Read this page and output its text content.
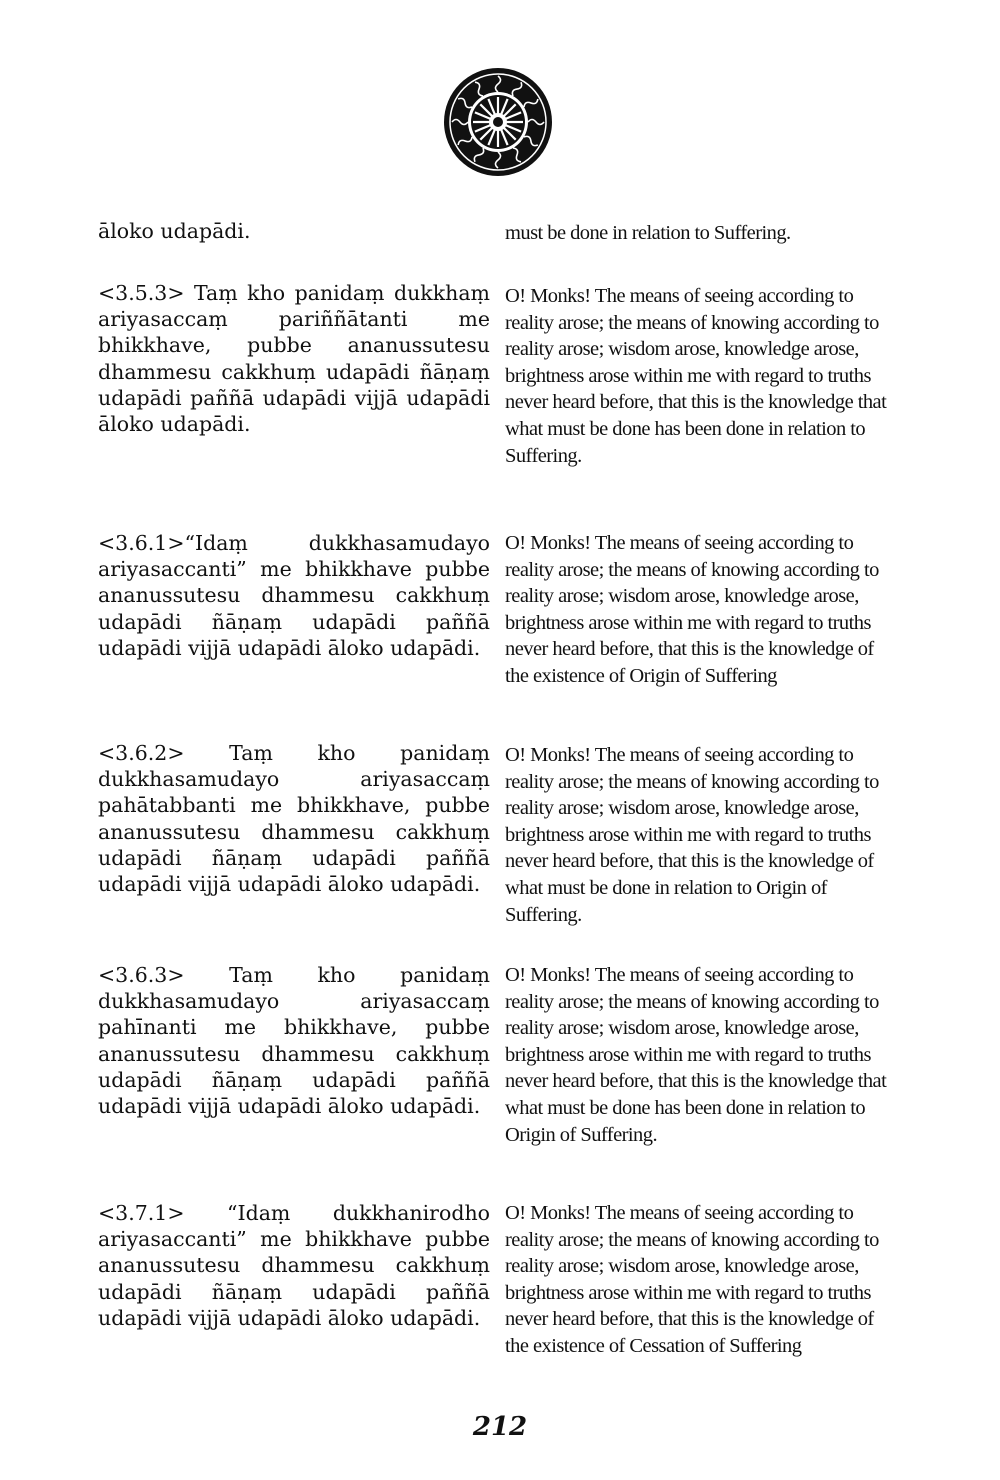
āloko udapādi.

<3.5.3> Taṃ kho panidaṃ dukkhaṃ ariyasaccaṃ pariññātanti me bhikkhave, pubbe ananussutesu dhammesu cakkhuṃ udapādi ñāṇaṃ udapādi paññā udapādi vijjā udapādi āloko udapādi.

<3.6.1>“Idaṃ dukkhasamudayo ariyasaccanti” me bhikkhave pubbe ananussutesu dhammesu cakkhuṃ udapādi ñāṇaṃ udapādi paññā udapādi vijjā udapādi āloko udapādi.

<3.6.2> Taṃ kho panidaṃ dukkhasamudayo ariyasaccaṃ pahātabbanti me bhikkhave, pubbe ananussutesu dhammesu cakkhuṃ udapādi ñāṇaṃ udapādi paññā udapādi vijjā udapādi āloko udapādi.

<3.6.3> Taṃ kho panidaṃ dukkhasamudayo ariyasaccaṃ pahīnanti me bhikkhave, pubbe ananussutesu dhammesu cakkhuṃ udapādi ñāṇaṃ udapādi paññā udapādi vijjā udapādi āloko udapādi.

<3.7.1> “Idaṃ dukkhanirodho ariyasaccanti” me bhikkhave pubbe ananussutesu dhammesu cakkhuṃ udapādi ñāṇaṃ udapādi paññā udapādi vijjā udapādi āloko udapādi.

must be done in relation to Suffering.

O! Monks! The means of seeing according to reality arose; the means of knowing according to reality arose; wisdom arose, knowledge arose, brightness arose within me with regard to truths never heard before, that this is the knowledge that what must be done has been done in relation to Suffering.

O! Monks! The means of seeing according to reality arose; the means of knowing according to reality arose; wisdom arose, knowledge arose, brightness arose within me with regard to truths never heard before, that this is the knowledge of the existence of Origin of Suffering

O! Monks! The means of seeing according to reality arose; the means of knowing according to reality arose; wisdom arose, knowledge arose, brightness arose within me with regard to truths never heard before, that this is the knowledge of what must be done in relation to Origin of Suffering.

O! Monks! The means of seeing according to reality arose; the means of knowing according to reality arose; wisdom arose, knowledge arose, brightness arose within me with regard to truths never heard before, that this is the knowledge that what must be done has been done in relation to Origin of Suffering.

O! Monks! The means of seeing according to reality arose; the means of knowing according to reality arose; wisdom arose, knowledge arose, brightness arose within me with regard to truths never heard before, that this is the knowledge of the existence of Cessation of Suffering

212
